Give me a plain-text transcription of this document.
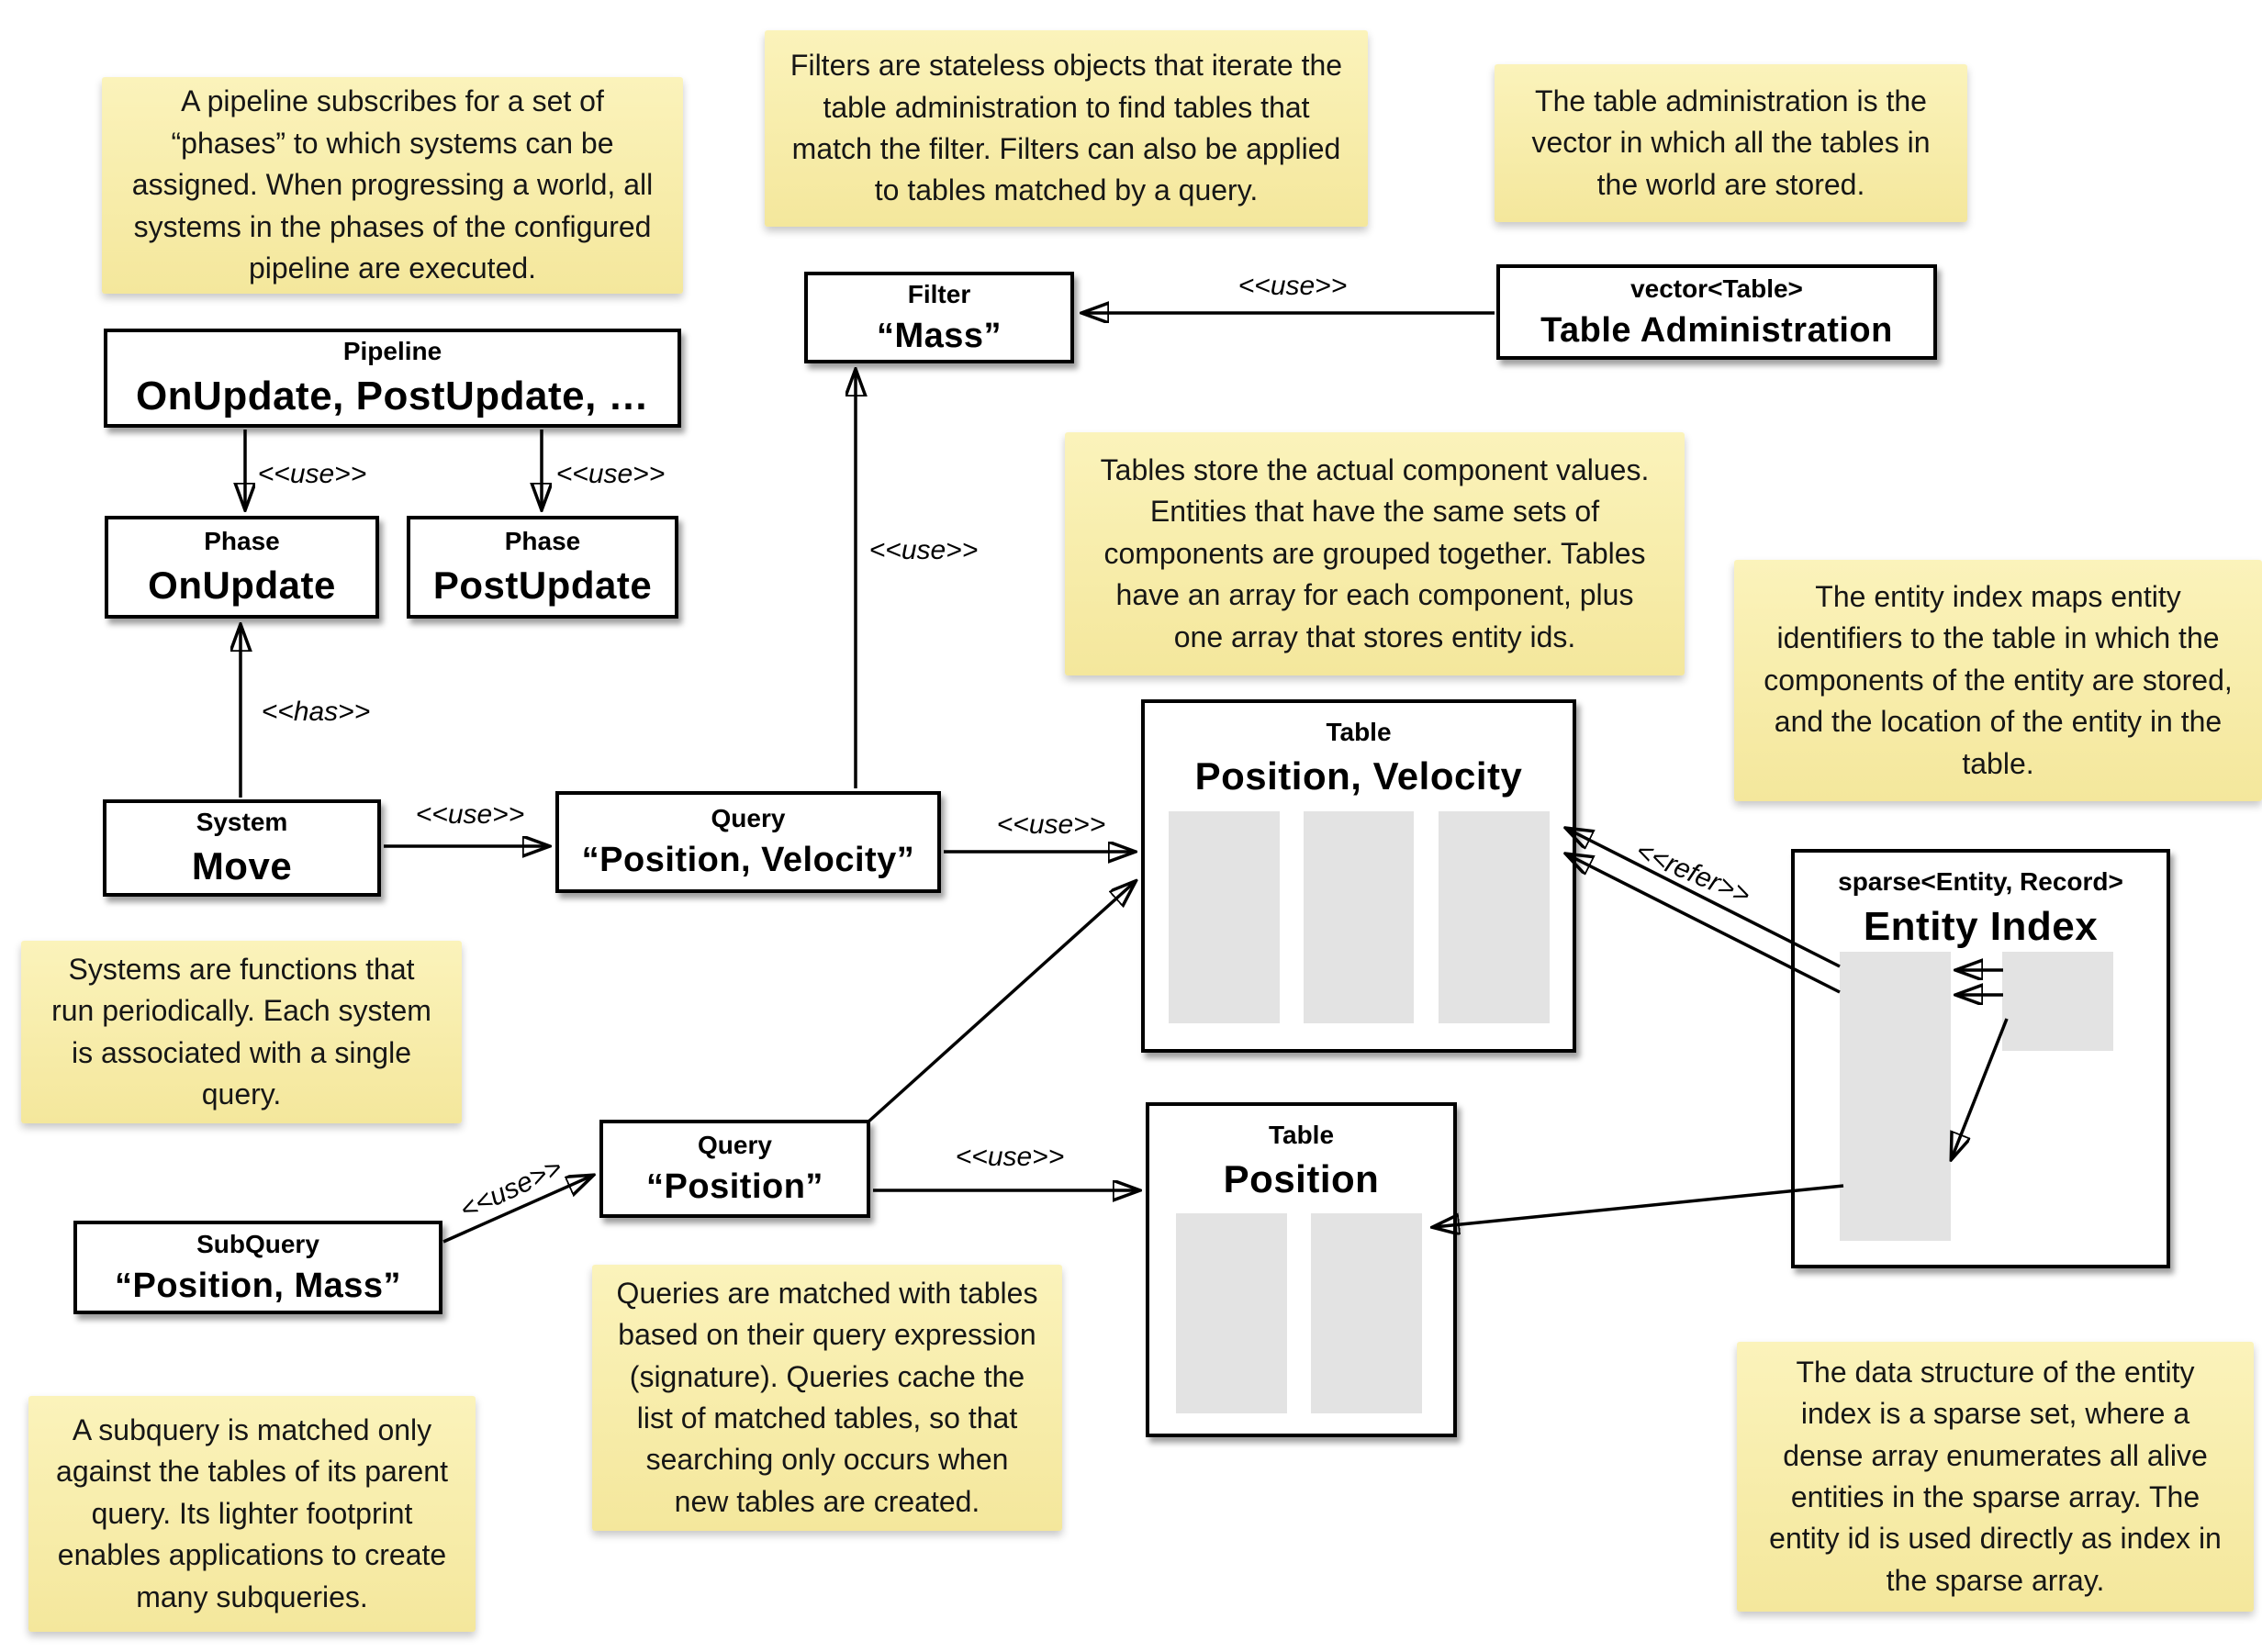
A pipeline subscribes for a set of “phases” to which systems can be assigned. When progressing a world, all systems in the phases of the configured pipeline are executed.
Filters are stateless objects that iterate the table administration to find tables that match the filter. Filters can also be applied to tables matched by a query.
The table administration is the vector in which all the tables in the world are stored.
Tables store the actual component values. Entities that have the same sets of components are grouped together. Tables have an array for each component, plus one array that stores entity ids.
The entity index maps entity identifiers to the table in which the components of the entity are stored, and the location of the entity in the table.
Systems are functions that run periodically. Each system is associated with a single query.
Queries are matched with tables based on their query expression (signature). Queries cache the list of matched tables, so that searching only occurs when new tables are created.
A subquery is matched only against the tables of its parent query. Its lighter footprint enables applications to create many subqueries.
The data structure of the entity index is a sparse set, where a dense array enumerates all alive entities in the sparse array. The entity id is used directly as index in the sparse array.
Pipeline
OnUpdate, PostUpdate, …
Phase
OnUpdate
Phase
PostUpdate
System
Move
Query
“Position, Velocity”
Filter
“Mass”
vector<Table>
Table Administration
Query
“Position”
SubQuery
“Position, Mass”
Table
Position, Velocity
Table
Position
sparse<Entity, Record>
Entity Index
<<use>>	<<use>>
<<has>>
<<use>>
<<use>>
<<use>>
<<use>>
<<use>>
<<use>>
<<refer>>
